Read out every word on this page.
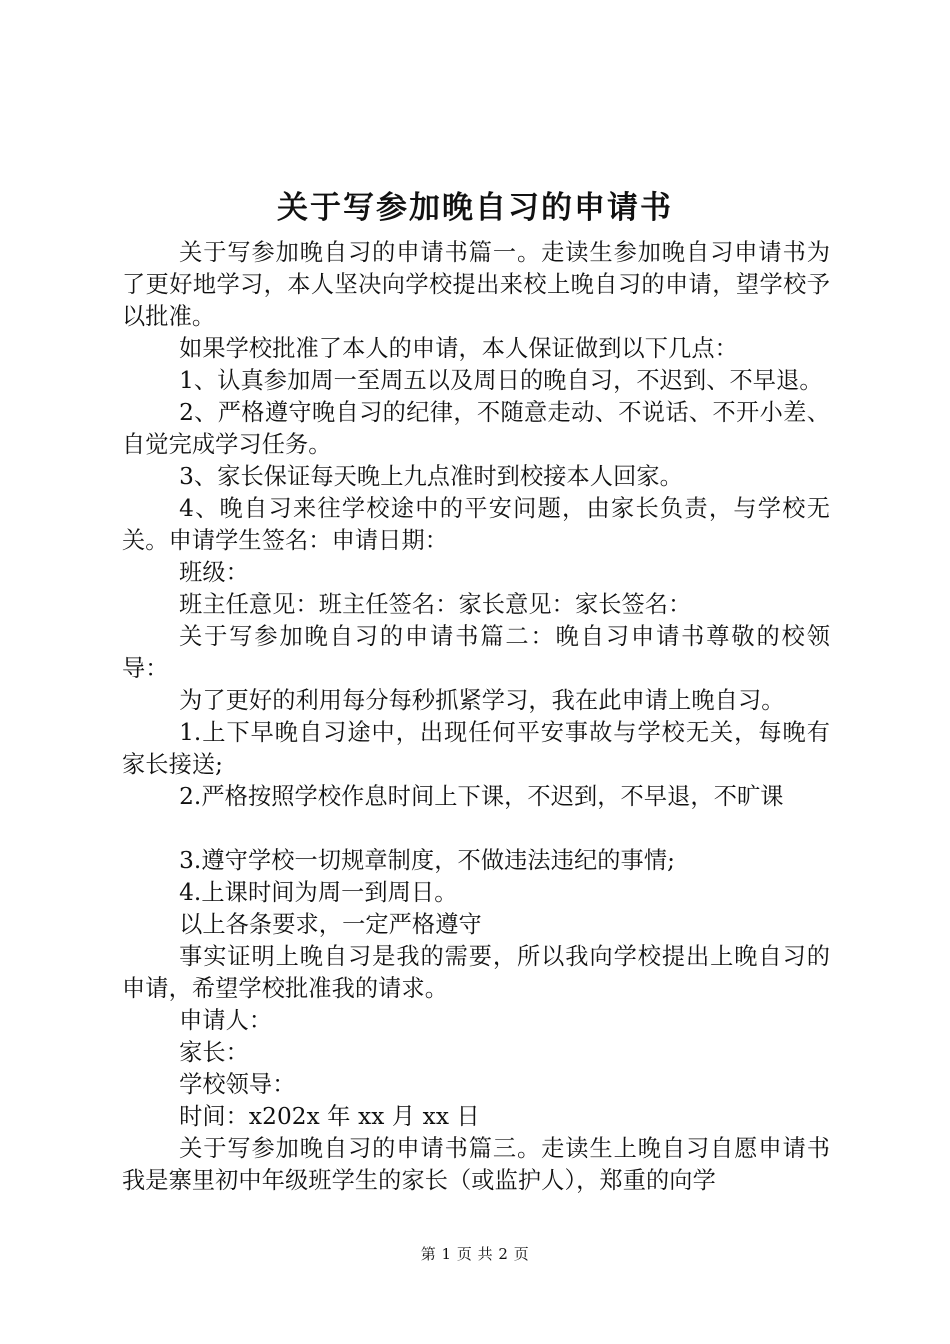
关于写参加晚自习的申请书

关于写参加晚自习的申请书篇一。走读生参加晚自习申请书为了更好地学习，本人坚决向学校提出来校上晚自习的申请，望学校予以批准。

如果学校批准了本人的申请，本人保证做到以下几点：

1、认真参加周一至周五以及周日的晚自习，不迟到、不早退。

2、严格遵守晚自习的纪律，不随意走动、不说话、不开小差、自觉完成学习任务。

3、家长保证每天晚上九点准时到校接本人回家。

4、晚自习来往学校途中的平安问题，由家长负责，与学校无关。申请学生签名：申请日期：

班级：

班主任意见：班主任签名：家长意见：家长签名：

关于写参加晚自习的申请书篇二：晚自习申请书尊敬的校领导：

为了更好的利用每分每秒抓紧学习，我在此申请上晚自习。

1.上下早晚自习途中，出现任何平安事故与学校无关，每晚有家长接送;

2.严格按照学校作息时间上下课，不迟到，不早退，不旷课

3.遵守学校一切规章制度，不做违法违纪的事情;

4.上课时间为周一到周日。

以上各条要求，一定严格遵守

事实证明上晚自习是我的需要，所以我向学校提出上晚自习的申请，希望学校批准我的请求。

申请人：

家长：

学校领导：

时间：x202x 年 xx 月 xx 日

关于写参加晚自习的申请书篇三。走读生上晚自习自愿申请书我是寨里初中年级班学生的家长（或监护人），郑重的向学

第 1 页 共 2 页
